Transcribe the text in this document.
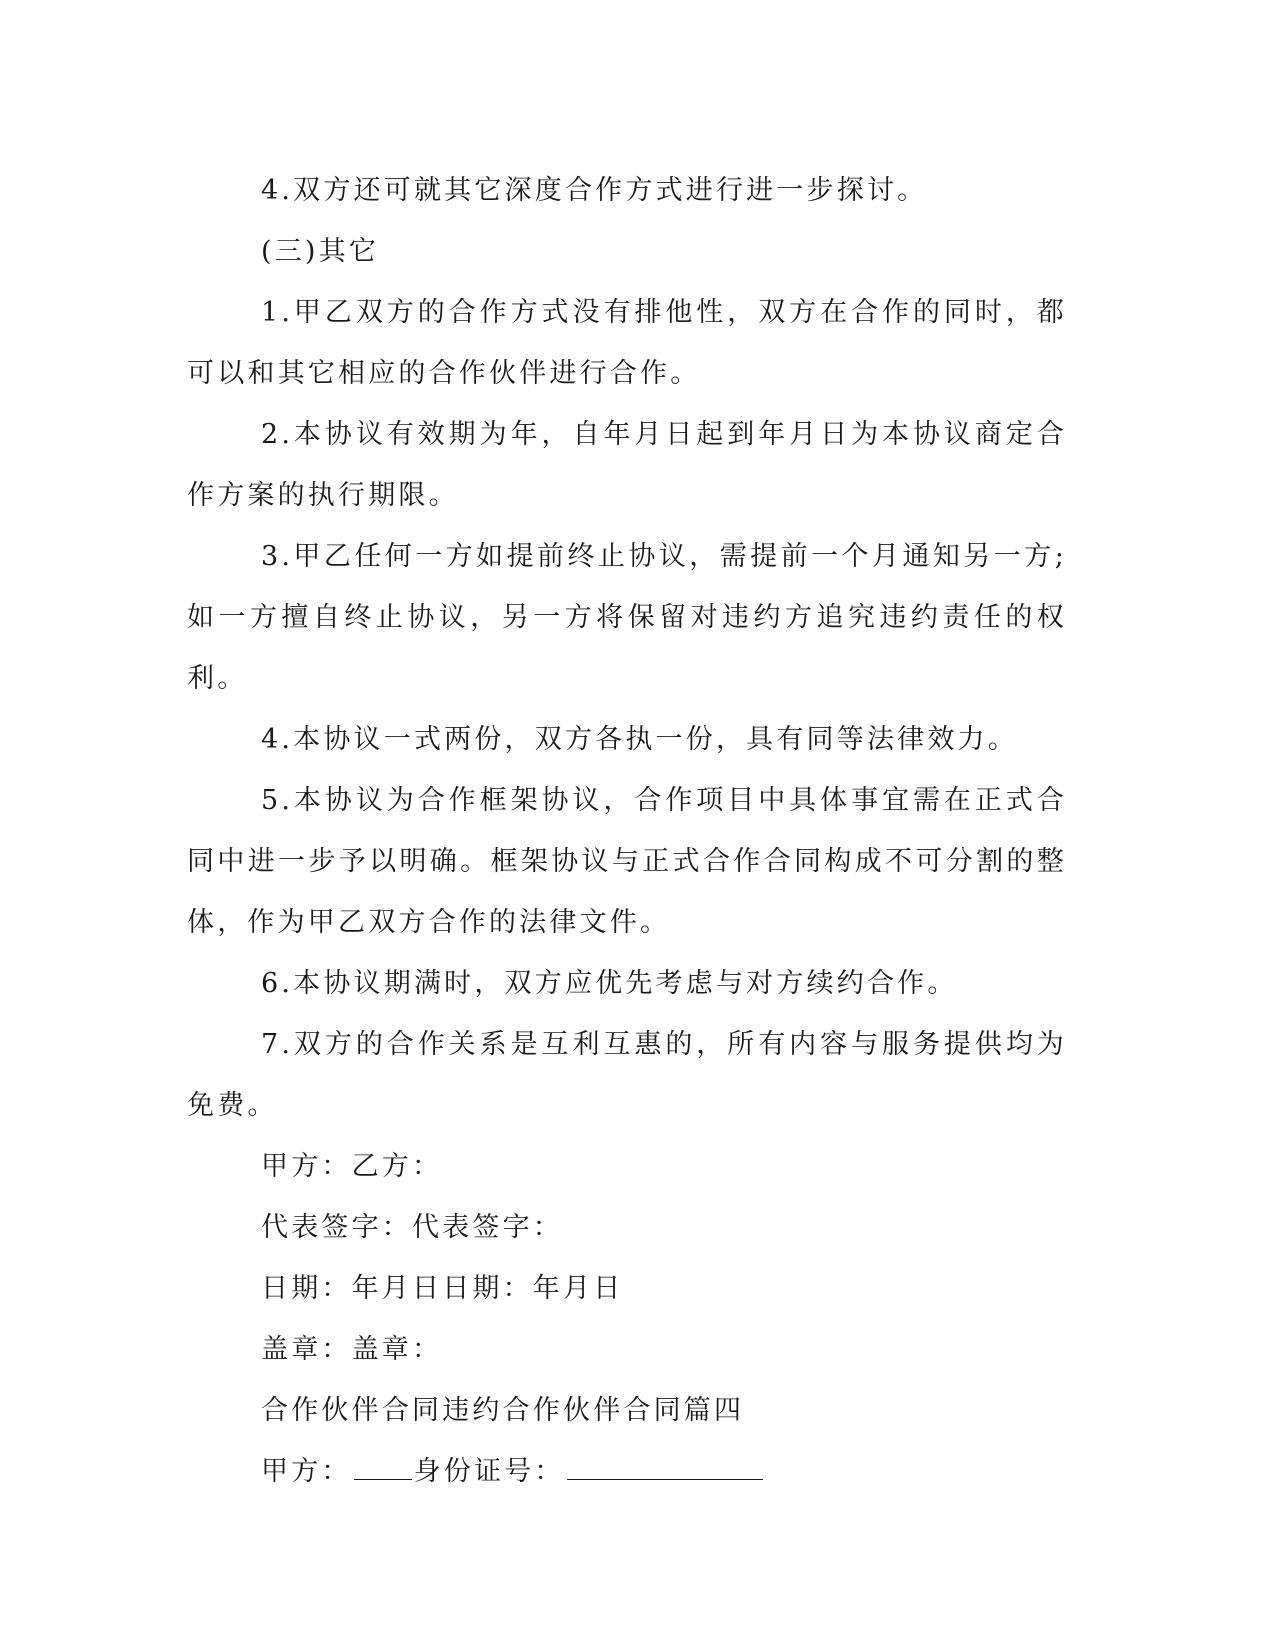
4.双方还可就其它深度合作方式进行进一步探讨。

(三)其它

1.甲乙双方的合作方式没有排他性，双方在合作的同时，都可以和其它相应的合作伙伴进行合作。

2.本协议有效期为年，自年月日起到年月日为本协议商定合作方案的执行期限。

3.甲乙任何一方如提前终止协议，需提前一个月通知另一方;如一方擅自终止协议，另一方将保留对违约方追究违约责任的权利。

4.本协议一式两份，双方各执一份，具有同等法律效力。

5.本协议为合作框架协议，合作项目中具体事宜需在正式合同中进一步予以明确。框架协议与正式合作合同构成不可分割的整体，作为甲乙双方合作的法律文件。

6.本协议期满时，双方应优先考虑与对方续约合作。

7.双方的合作关系是互利互惠的，所有内容与服务提供均为免费。

甲方：乙方：

代表签字：代表签字：

日期：年月日日期：年月日

盖章：盖章：

合作伙伴合同违约合作伙伴合同篇四

甲方： 身份证号：
